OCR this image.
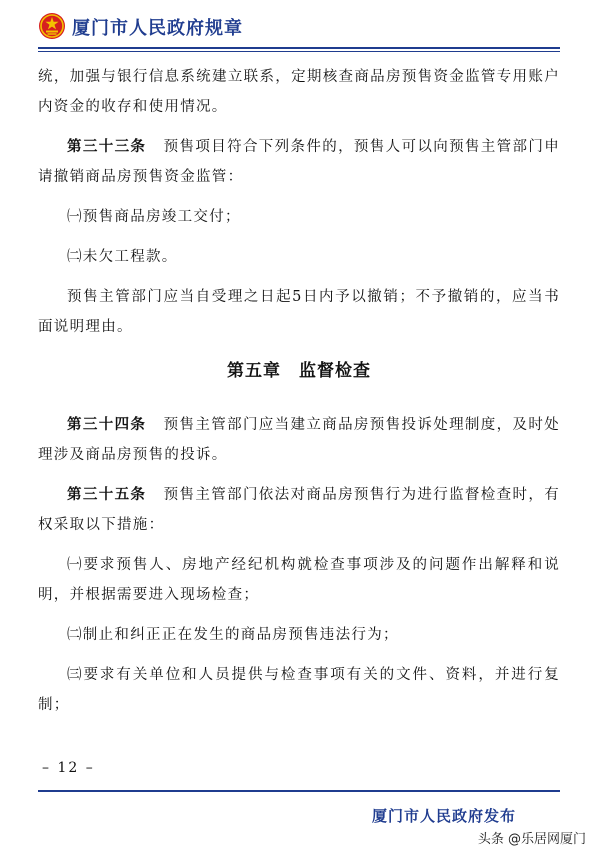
厦门市人民政府规章

统，加强与银行信息系统建立联系，定期核查商品房预售资金监管专用账户内资金的收存和使用情况。

第三十三条 预售项目符合下列条件的，预售人可以向预售主管部门申请撤销商品房预售资金监管：

㈠预售商品房竣工交付；

㈡未欠工程款。

预售主管部门应当自受理之日起5日内予以撤销；不予撤销的，应当书面说明理由。

第五章　监督检查

第三十四条 预售主管部门应当建立商品房预售投诉处理制度，及时处理涉及商品房预售的投诉。

第三十五条 预售主管部门依法对商品房预售行为进行监督检查时，有权采取以下措施：

㈠要求预售人、房地产经纪机构就检查事项涉及的问题作出解释和说明，并根据需要进入现场检查；

㈡制止和纠正正在发生的商品房预售违法行为；

㈢要求有关单位和人员提供与检查事项有关的文件、资料，并进行复制；

– 12 –
厦门市人民政府发布
头条 @乐居网厦门
